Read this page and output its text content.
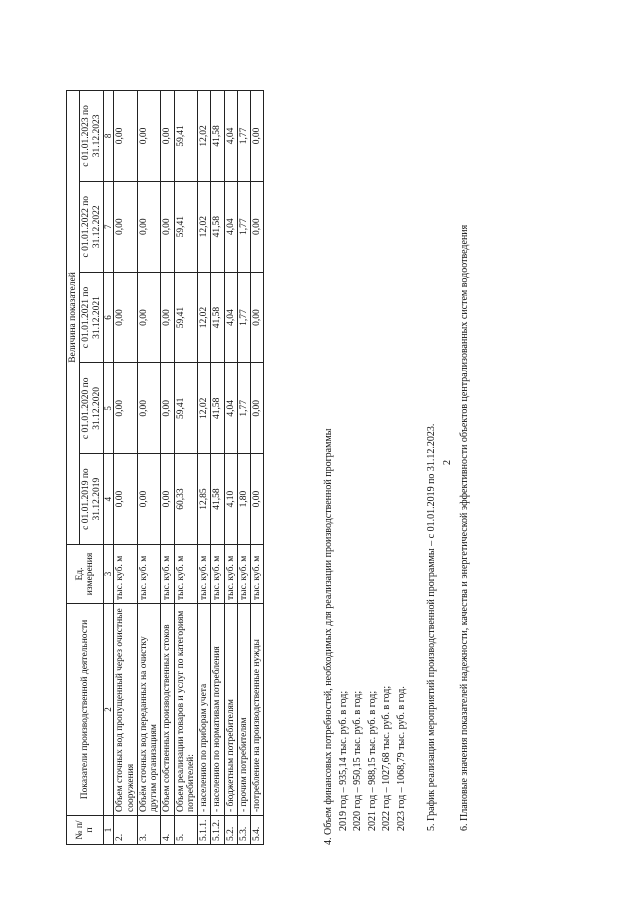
2
№ п/п	Показатели производственной деятельности	Ед. измерения	Величина показателей				
			с 01.01.2019 по 31.12.2019	с 01.01.2020 по 31.12.2020	с 01.01.2021 по 31.12.2021	с 01.01.2022 по 31.12.2022	с 01.01.2023 по 31.12.2023
1	2	3	4	5	6	7	8
2.	Объем сточных вод пропущенный через очистные сооружения	тыс. куб. м	0,00	0,00	0,00	0,00	0,00
3.	Объём сточных вод переданных на очистку другим организациям	тыс. куб. м	0,00	0,00	0,00	0,00	0,00
4.	Объем собственных производственных стоков	тыс. куб. м	0,00	0,00	0,00	0,00	0,00
5.	Объем реализации товаров и услуг по категориям потребителей:	тыс. куб. м	60,33	59,41	59,41	59,41	59,41
5.1.1.	- населению по приборам учета	тыс. куб. м	12,85	12,02	12,02	12,02	12,02
5.1.2.	- населению по нормативам потребления	тыс. куб. м	41,58	41,58	41,58	41,58	41,58
5.2.	- бюджетным потребителям	тыс. куб. м	4,10	4,04	4,04	4,04	4,04
5.3.	- прочим потребителям	тыс. куб. м	1,80	1,77	1,77	1,77	1,77
5.4.	-потребление на производственные нужды	тыс. куб. м	0,00	0,00	0,00	0,00	0,00
4. Объем финансовых потребностей, необходимых для реализации производственной программы 2019 год – 935,14 тыс. руб. в год; 2020 год – 950,15 тыс. руб. в год; 2021 год – 988,15 тыс. руб. в год; 2022 год – 1027,68 тыс. руб. в год; 2023 год – 1068,79 тыс. руб. в год. 5. График реализации мероприятий производственной программы – с 01.01.2019 по 31.12.2023. 6. Плановые значения показателей надежности, качества и энергетической эффективности объектов централизованных систем водоотведения
